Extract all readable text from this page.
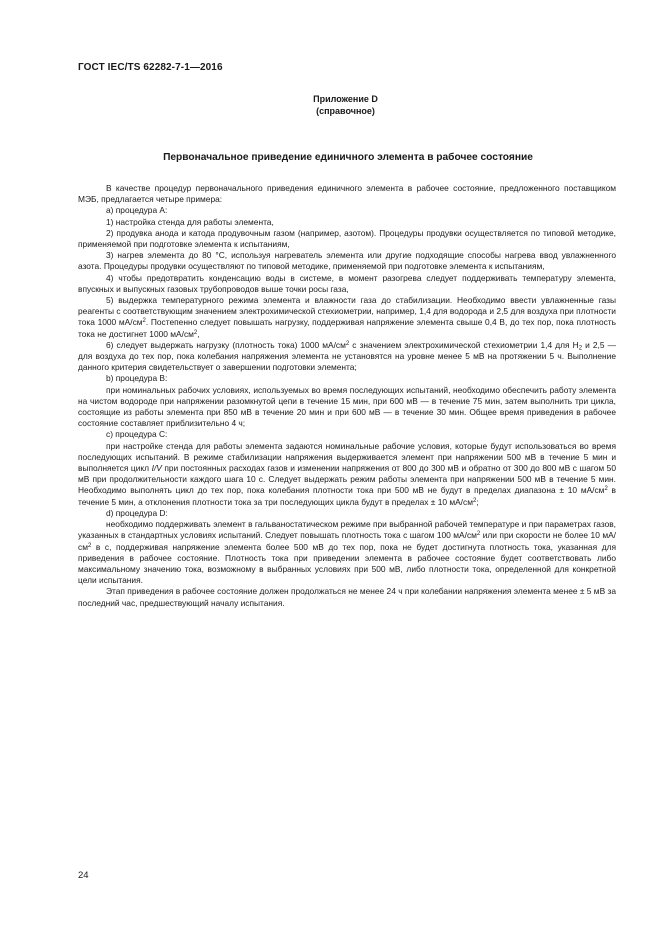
ГОСТ IEC/TS 62282-7-1—2016
Приложение D
(справочное)
Первоначальное приведение единичного элемента в рабочее состояние

В качестве процедур первоначального приведения единичного элемента в рабочее состояние, предложенного поставщиком МЭБ, предлагается четыре примера:

а) процедура А:

1) настройка стенда для работы элемента,

2) продувка анода и катода продувочным газом (например, азотом). Процедуры продувки осуществляется по типовой методике, применяемой при подготовке элемента к испытаниям,

3) нагрев элемента до 80 °С, используя нагреватель элемента или другие подходящие способы нагрева ввод увлажненного азота. Процедуры продувки осуществляют по типовой методике, применяемой при подготовке элемента к испытаниям,

4) чтобы предотвратить конденсацию воды в системе, в момент разогрева следует поддерживать температуру элемента, впускных и выпускных газовых трубопроводов выше точки росы газа,

5) выдержка температурного режима элемента и влажности газа до стабилизации. Необходимо ввести увлажненные газы реагенты с соответствующим значением электрохимической стехиометрии, например, 1,4 для водорода и 2,5 для воздуха при плотности тока 1000 $мА/см^2$. Постепенно следует повышать нагрузку, поддерживая напряжение элемента свыше 0,4 В, до тех пор, пока плотность тока не достигнет 1000 $мА/см^2$,

6) следует выдержать нагрузку (плотность тока) 1000 $мА/см^2$ с значением электрохимической стехиометрии 1,4 для $H_2$ и 2,5 — для воздуха до тех пор, пока колебания напряжения элемента не установятся на уровне менее 5 мВ на протяжении 5 ч. Выполнение данного критерия свидетельствует о завершении подготовки элемента;

b) процедура В:

при номинальных рабочих условиях, используемых во время последующих испытаний, необходимо обеспечить работу элемента на чистом водороде при напряжении разомкнутой цепи в течение 15 мин, при 600 мВ — в течение 75 мин, затем выполнить три цикла, состоящие из работы элемента при 850 мВ в течение 20 мин и при 600 мВ — в течение 30 мин. Общее время приведения в рабочее состояние составляет приблизительно 4 ч;

с) процедура С:

при настройке стенда для работы элемента задаются номинальные рабочие условия, которые будут использоваться во время последующих испытаний. В режиме стабилизации напряжения выдерживается элемент при напряжении 500 мВ в течение 5 мин и выполняется цикл I/V при постоянных расходах газов и изменении напряжения от 800 до 300 мВ и обратно от 300 до 800 мВ с шагом 50 мВ при продолжительности каждого шага 10 с. Следует выдержать режим работы элемента при напряжении 500 мВ в течение 5 мин. Необходимо выполнять цикл до тех пор, пока колебания плотности тока при 500 мВ не будут в пределах диапазона ± 10 $мА/см^2$ в течение 5 мин, а отклонения плотности тока за три последующих цикла будут в пределах ± 10 $мА/см^2$;

d) процедура D:

необходимо поддерживать элемент в гальваностатическом режиме при выбранной рабочей температуре и при параметрах газов, указанных в стандартных условиях испытаний. Следует повышать плотность тока с шагом 100 $мА/см^2$ или при скорости не более 10 $мА/см^2$ в с, поддерживая напряжение элемента более 500 мВ до тех пор, пока не будет достигнута плотность тока, указанная для приведения в рабочее состояние. Плотность тока при приведении элемента в рабочее состояние будет соответствовать либо максимальному значению тока, возможному в выбранных условиях при 500 мВ, либо плотности тока, определенной для конкретной цели испытания.

Этап приведения в рабочее состояние должен продолжаться не менее 24 ч при колебании напряжения элемента менее ± 5 мВ за последний час, предшествующий началу испытания.

24
